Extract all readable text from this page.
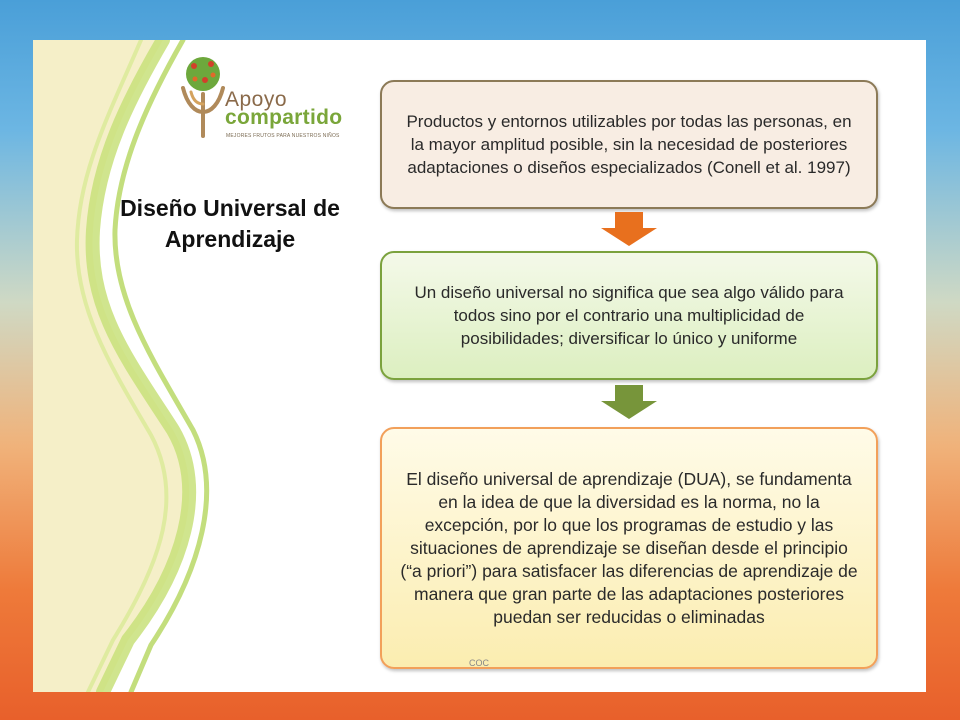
Apoyo
compartido
MEJORES FRUTOS PARA NUESTROS NIÑOS
Diseño Universal de Aprendizaje
Productos y entornos utilizables por todas las personas, en la mayor amplitud posible, sin la necesidad de posteriores adaptaciones o diseños especializados (Conell et al. 1997)
Un diseño universal no significa que sea algo válido para todos sino por el contrario una multiplicidad de posibilidades; diversificar lo único y uniforme
El diseño universal de aprendizaje (DUA), se fundamenta en la idea de que la diversidad es la norma, no la excepción, por lo que los programas de estudio y las situaciones de aprendizaje se diseñan desde el principio (“a priori”) para satisfacer las diferencias de aprendizaje de manera que gran parte de las adaptaciones posteriores puedan ser reducidas o eliminadas
COC
